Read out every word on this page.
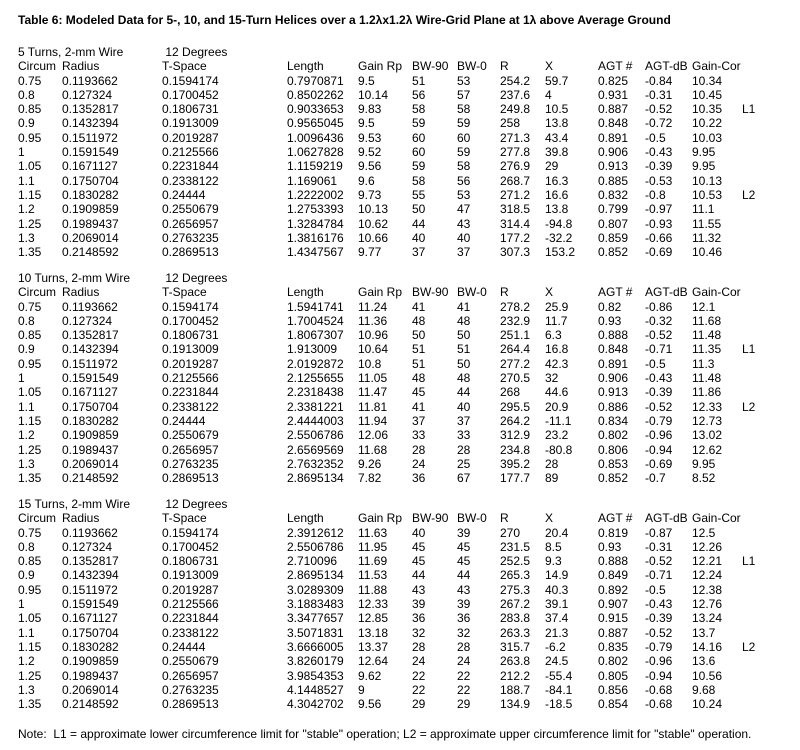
Table 6: Modeled Data for 5-, 10, and 15-Turn Helices over a 1.2λx1.2λ Wire-Grid Plane at 1λ above Average Ground
5 Turns, 2-mm Wire	12 Degrees
Circum Radius	T-Space	Length	Gain Rp BW-90 BW-0 R	X	AGT # AGT-dB Gain-Cor
0.75 0.1193662	0.1594174	0.7970871 9.5	51	53 254.2 59.7 0.825 -0.84 10.34
0.8 0.127324	0.1700452	0.8502262 10.14 56	57 237.6 4	0.931 -0.31 10.45
0.85 0.1352817	0.1806731	0.9033653 9.83	58	58 249.8 10.5 0.887 -0.52 10.35 L1
0.9 0.1432394	0.1913009	0.9565045 9.5	59	59 258 13.8 0.848 -0.72 10.22
0.95 0.1511972	0.2019287	1.0096436 9.53	60	60 271.3 43.4 0.891 -0.5 10.03
1	0.1591549	0.2125566	1.0627828 9.52	60	59 277.8 39.8 0.906 -0.43 9.95
1.05 0.1671127	0.2231844	1.1159219 9.56	59	58 276.9 29	0.913 -0.39 9.95
1.1 0.1750704	0.2338122	1.169061 9.6	58	56 268.7 16.3 0.885 -0.53 10.13
1.15 0.1830282	0.24444	1.2222002 9.73	55	53 271.2 16.6 0.832 -0.8 10.53 L2
1.2 0.1909859	0.2550679	1.2753393 10.13 50	47 318.5 13.8 0.799 -0.97 11.1
1.25 0.1989437	0.2656957	1.3284784 10.62 44	43 314.4 -94.8 0.807 -0.93 11.55
1.3 0.2069014	0.2763235	1.3816176 10.66 40	40 177.2 -32.2 0.859 -0.66 11.32
1.35 0.2148592	0.2869513	1.4347567 9.77	37	37 307.3 153.2 0.852 -0.69 10.46
10 Turns, 2-mm Wire	12 Degrees
Circum Radius	T-Space	Length	Gain Rp BW-90 BW-0 R	X	AGT # AGT-dB Gain-Cor
0.75 0.1193662	0.1594174	1.5941741 11.24 41	41 278.2 25.9 0.82 -0.86 12.1
0.8 0.127324	0.1700452	1.7004524 11.36 48	48 232.9 11.7	0.93 -0.32 11.68
0.85 0.1352817	0.1806731	1.8067307 10.96 50	50 251.1 6.3	0.888 -0.52 11.48
0.9 0.1432394	0.1913009	1.913009 10.64 51	51 264.4 16.8 0.848 -0.71 11.35 L1
0.95 0.1511972	0.2019287	2.0192872 10.8	51	50 277.2 42.3 0.891 -0.5 11.3
1	0.1591549	0.2125566	2.1255655 11.05 48	48 270.5 32	0.906 -0.43 11.48
1.05 0.1671127	0.2231844	2.2318438 11.47 45	44 268 44.6 0.913 -0.39 11.86
1.1 0.1750704	0.2338122	2.3381221 11.81 41	40 295.5 20.9 0.886 -0.52 12.33 L2
1.15 0.1830282	0.24444	2.4444003 11.94 37	37 264.2 -11.1 0.834 -0.79 12.73
1.2 0.1909859	0.2550679	2.5506786 12.06 33	33 312.9 23.2 0.802 -0.96 13.02
1.25 0.1989437	0.2656957	2.6569569 11.68 28	28 234.8 -80.8 0.806 -0.94 12.62
1.3 0.2069014	0.2763235	2.7632352 9.26	24	25 395.2 28	0.853 -0.69 9.95
1.35 0.2148592	0.2869513	2.8695134 7.82	36	67 177.7 89	0.852 -0.7 8.52
15 Turns, 2-mm Wire	12 Degrees
Circum Radius	T-Space	Length	Gain Rp BW-90 BW-0 R	X	AGT # AGT-dB Gain-Cor
0.75 0.1193662	0.1594174	2.3912612 11.63 40	39 270 20.4 0.819 -0.87 12.5
0.8 0.127324	0.1700452	2.5506786 11.95 45	45 231.5 8.5	0.93 -0.31 12.26
0.85 0.1352817	0.1806731	2.710096 11.69 45	45 252.5 9.3	0.888 -0.52 12.21 L1
0.9 0.1432394	0.1913009	2.8695134 11.53 44	44 265.3 14.9 0.849 -0.71 12.24
0.95 0.1511972	0.2019287	3.0289309 11.88 43	43 275.3 40.3 0.892 -0.5 12.38
1	0.1591549	0.2125566	3.1883483 12.33 39	39 267.2 39.1 0.907 -0.43 12.76
1.05 0.1671127	0.2231844	3.3477657 12.85 36	36 283.8 37.4 0.915 -0.39 13.24
1.1 0.1750704	0.2338122	3.5071831 13.18 32	32 263.3 21.3 0.887 -0.52 13.7
1.15 0.1830282	0.24444	3.6666005 13.37 28	28 315.7 -6.2	0.835 -0.79 14.16 L2
1.2 0.1909859	0.2550679	3.8260179 12.64 24	24 263.8 24.5 0.802 -0.96 13.6
1.25 0.1989437	0.2656957	3.9854353 9.62	22	22 212.2 -55.4 0.805 -0.94 10.56
1.3 0.2069014	0.2763235	4.1448527 9	22	22 188.7 -84.1 0.856 -0.68 9.68
1.35 0.2148592	0.2869513	4.3042702 9.56	29	29 134.9 -18.5 0.854 -0.68 10.24
Note:  L1 = approximate lower circumference limit for "stable" operation; L2 = approximate upper circumference limit for "stable" operation.
